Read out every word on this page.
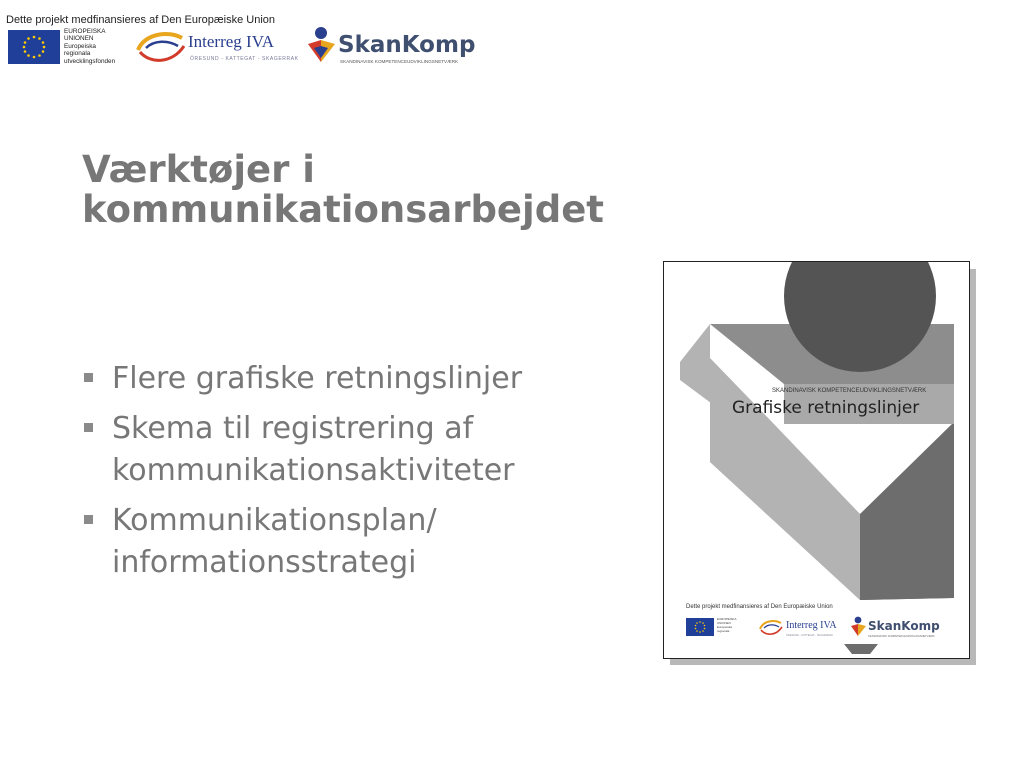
Dette projekt medfinansieres af Den Europæiske Union
EUROPEISKA
UNIONEN
Europeiska
regionala
utvecklingsfonden
Interreg IVA
ÖRESUND - KATTEGAT - SKAGERRAK
SkanKomp
SKANDINAVISK KOMPETENCEUDVIKLINGSNETVÆRK
Værktøjer i
kommunikationsarbejdet
Flere grafiske retningslinjer
Skema til registrering af
kommunikationsaktiviteter
Kommunikationsplan/
informationsstrategi
SKANDINAVISK KOMPETENCEUDVIKLINGSNETVÆRK
Grafiske retningslinjer
Dette projekt medfinansieres af Den Europæiske Union
EUROPEISKA
UNIONEN
Europeiska
regionala	Interreg IVA
ÖRESUND - KATTEGAT - SKAGERRAK
SkanKomp
SKANDINAVISK KOMPETENCEUDVIKLINGSNETVÆRK
